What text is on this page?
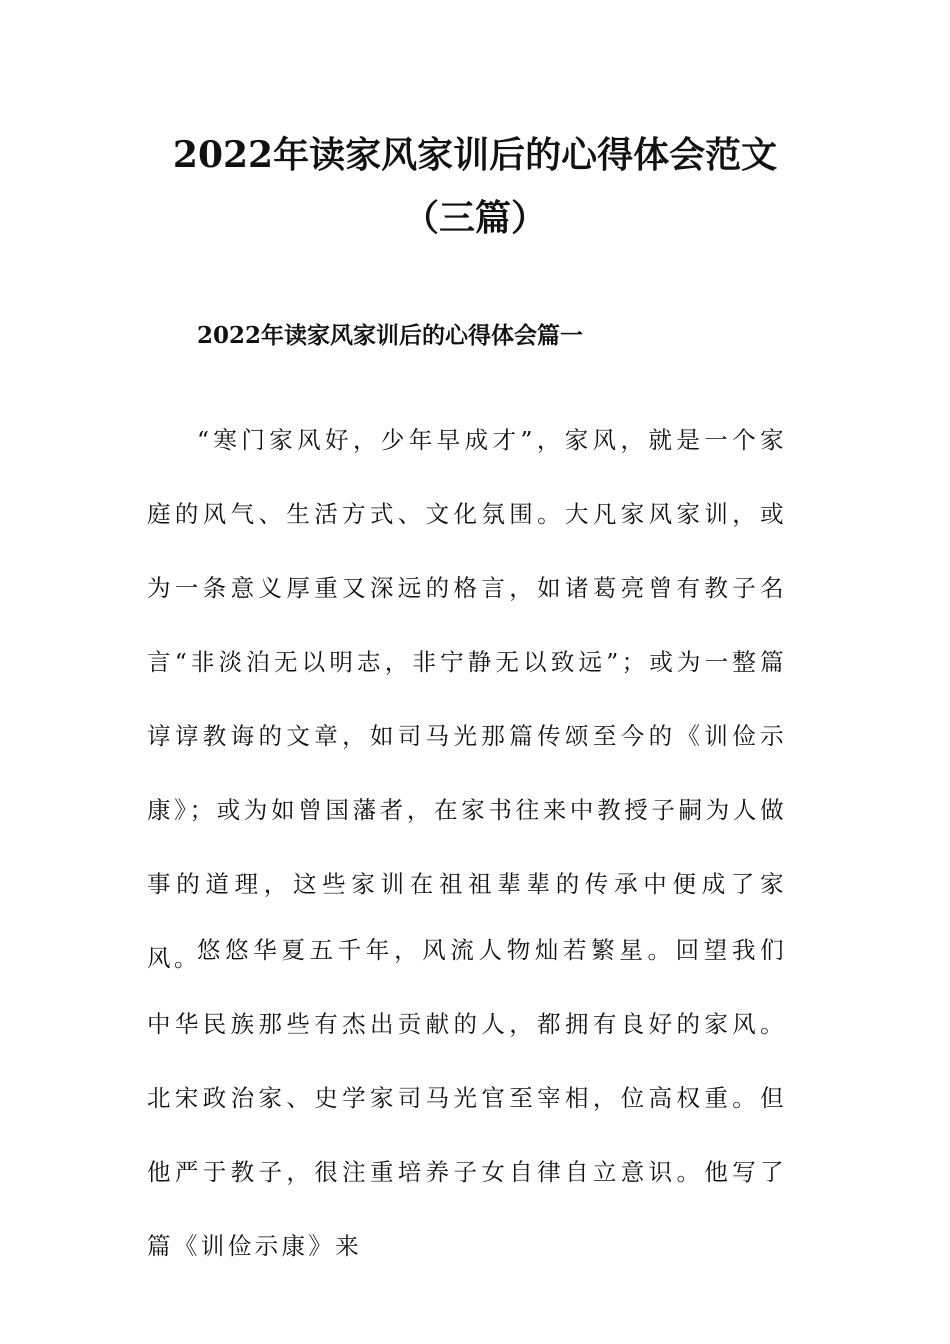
2022年读家风家训后的心得体会范文（三篇）
2022年读家风家训后的心得体会篇一

“寒门家风好，少年早成才”，家风，就是一个家庭的风气、生活方式、文化氛围。大凡家风家训，或为一条意义厚重又深远的格言，如诸葛亮曾有教子名言“非淡泊无以明志，非宁静无以致远”；或为一整篇谆谆教诲的文章，如司马光那篇传颂至今的《训俭示康》；或为如曾国藩者，在家书往来中教授子嗣为人做事的道理，这些家训在祖祖辈辈的传承中便成了家风。

悠悠华夏五千年，风流人物灿若繁星。回望我们中华民族那些有杰出贡献的人，都拥有良好的家风。北宋政治家、史学家司马光官至宰相，位高权重。但他严于教子，很注重培养子女自律自立意识。他写了篇《训俭示康》来
